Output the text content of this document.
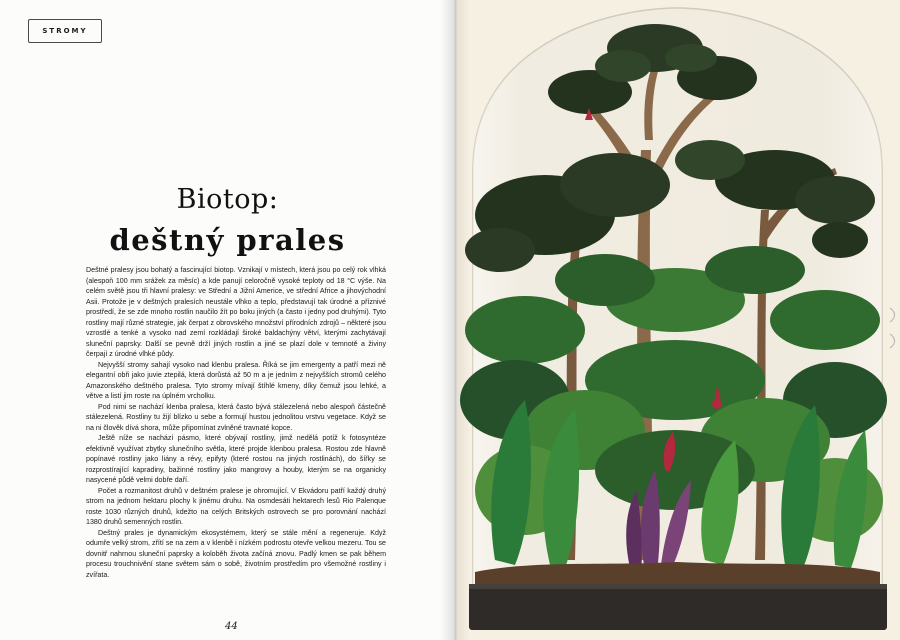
STROMY
Biotop:
deštný prales

Deštné pralesy jsou bohatý a fascinující biotop. Vznikají v místech, která jsou po celý rok vlhká (alespoň 100 mm srážek za měsíc) a kde panují celoročně vysoké teploty od 18 °C výše. Na celém světě jsou tři hlavní pralesy: ve Střední a Jižní Americe, ve střední Africe a jihovýchodní Asii. Protože je v deštných pralesích neustále vlhko a teplo, představují tak úrodné a příznivé prostředí, že se zde mnoho rostlin naučilo žít po boku jiných (a často i jedny pod druhými). Tyto rostliny mají různé strategie, jak čerpat z obrovského množství přírodních zdrojů – některé jsou vzrostlé a tenké a vysoko nad zemí rozkládají široké baldachýny větví, kterými zachytávají sluneční paprsky. Další se pevně drží jiných rostlin a jiné se plazí dole v temnotě a živiny čerpají z úrodné vlhké půdy.

Nejvyšší stromy sahají vysoko nad klenbu pralesa. Říká se jim emergenty a patří mezi ně elegantní obři jako juvie ztepilá, která dorůstá až 50 m a je jedním z nejvyšších stromů celého Amazonského deštného pralesa. Tyto stromy mívají štíhlé kmeny, díky čemuž jsou lehké, a větve a listí jim roste na úplném vrcholku.

Pod nimi se nachází klenba pralesa, která často bývá stálezelená nebo alespoň částečně stálezelená. Rostliny tu žijí blízko u sebe a formují hustou jednolitou vrstvu vegetace. Když se na ni člověk dívá shora, může připomínat zvlněné travnaté kopce.

Ještě níže se nachází pásmo, které obývají rostliny, jimž nedělá potíž k fotosyntéze efektivně využívat zbytky slunečního světla, které projde klenbou pralesa. Rostou zde hlavně popínavé rostliny jako liány a révy, epifyty (které rostou na jiných rostlinách), do šířky se rozprostírající kapradiny, bažinné rostliny jako mangrovy a houby, kterým se na organicky nasycené půdě velmi dobře daří.

Počet a rozmanitost druhů v deštném pralese je ohromující. V Ekvádoru patří každý druhý strom na jednom hektaru plochy k jinému druhu. Na osmdesáti hektarech lesů Rio Palenque roste 1030 různých druhů, kdežto na celých Britských ostrovech se pro porovnání nachází 1380 druhů semenných rostlin.

Deštný prales je dynamickým ekosystémem, který se stále mění a regeneruje. Když odumře velký strom, zřítí se na zem a v klenbě i nízkém podrostu otevře velkou mezeru. Tou se dovnitř nahrnou sluneční paprsky a koloběh života začíná znovu. Padlý kmen se pak během procesu trouchnivění stane světem sám o sobě, životním prostředím pro všemožné rostliny i zvířata.

44
